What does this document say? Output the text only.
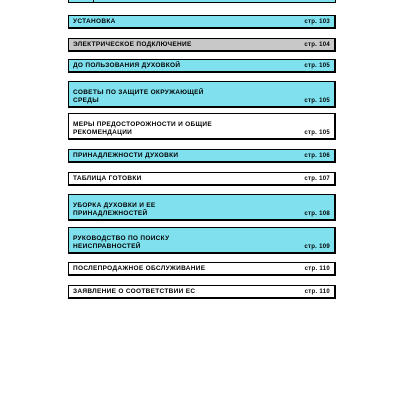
УСТАНОВКА	стр. 103
ЭЛЕКТРИЧЕСКОЕ ПОДКЛЮЧЕНИЕ	стр. 104
ДО ПОЛЬЗОВАНИЯ ДУХОВКОЙ	стр. 105
СОВЕТЫ ПО ЗАЩИТЕ ОКРУЖАЮЩЕЙ
СРЕДЫ	стр. 105
МЕРЫ ПРЕДОСТОРОЖНОСТИ И ОБЩИЕ
РЕКОМЕНДАЦИИ	стр. 105
ПРИНАДЛЕЖНОСТИ ДУХОВКИ	стр. 106
ТАБЛИЦА ГОТОВКИ	стр. 107
УБОРКА ДУХОВКИ И ЕЕ
ПРИНАДЛЕЖНОСТЕЙ	стр. 108
РУКОВОДСТВО ПО ПОИСКУ
НЕИСПРАВНОСТЕЙ	стр. 109
ПОСЛЕПРОДАЖНОЕ ОБСЛУЖИВАНИЕ	стр. 110
ЗАЯВЛЕНИЕ О СООТВЕТСТВИИ ЕС	стр. 110
